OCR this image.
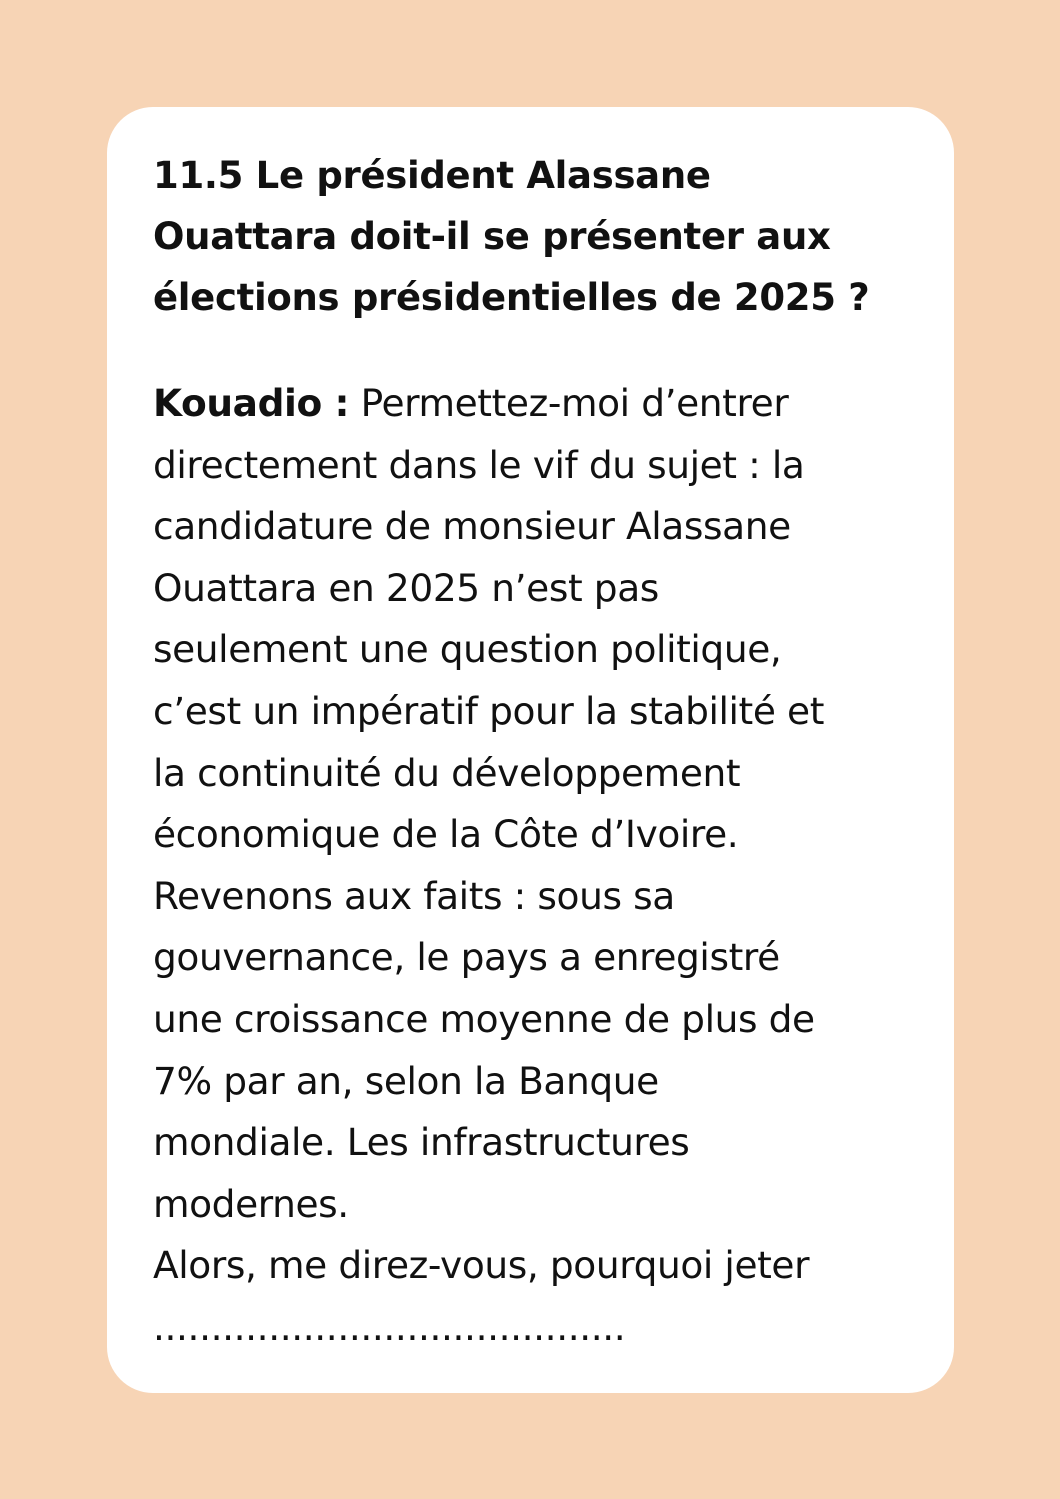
11.5 Le président Alassane
Ouattara doit-il se présenter aux
élections présidentielles de 2025 ?

Kouadio : Permettez-moi d’entrer
directement dans le vif du sujet : la
candidature de monsieur Alassane
Ouattara en 2025 n’est pas
seulement une question politique,
c’est un impératif pour la stabilité et
la continuité du développement
économique de la Côte d’Ivoire.
Revenons aux faits : sous sa
gouvernance, le pays a enregistré
une croissance moyenne de plus de
7% par an, selon la Banque
mondiale. Les infrastructures
modernes.
Alors, me direz-vous, pourquoi jeter
.........................................
